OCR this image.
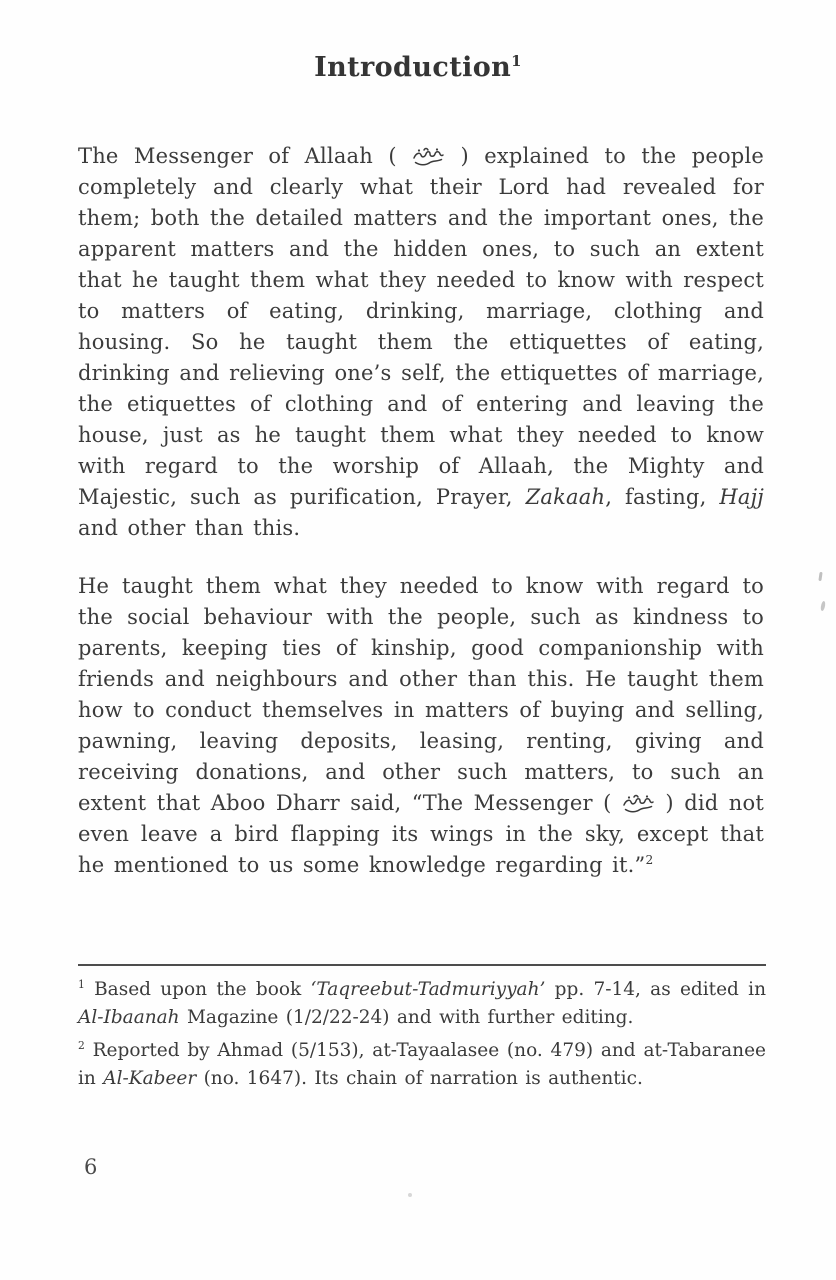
Introduction$^1$

The Messenger of Allaah (	) explained to the people completely and clearly what their Lord had revealed for them; both the detailed matters and the important ones, the apparent matters and the hidden ones, to such an extent that he taught them what they needed to know with respect to matters of eating, drinking, marriage, clothing and housing. So he taught them the ettiquettes of eating, drinking and relieving one’s self, the ettiquettes of marriage, the etiquettes of clothing and of entering and leaving the house, just as he taught them what they needed to know with regard to the worship of Allaah, the Mighty and Majestic, such as purification, Prayer, Zakaah, fasting, Hajj and other than this.

He taught them what they needed to know with regard to the social behaviour with the people, such as kindness to parents, keeping ties of kinship, good companionship with friends and neighbours and other than this. He taught them how to conduct themselves in matters of buying and selling, pawning, leaving deposits, leasing, renting, giving and receiving donations, and other such matters, to such an extent that Aboo Dharr said, “The Messenger (	) did not even leave a bird flapping its wings in the sky, except that he mentioned to us some knowledge regarding it.”$^2$

$^1$ Based upon the book ‘Taqreebut-Tadmuriyyah’ pp. 7-14, as edited in Al-Ibaanah Magazine (1/2/22-24) and with further editing.

$^2$ Reported by Ahmad (5/153), at-Tayaalasee (no. 479) and at-Tabaranee in Al-Kabeer (no. 1647). Its chain of narration is authentic.

6
